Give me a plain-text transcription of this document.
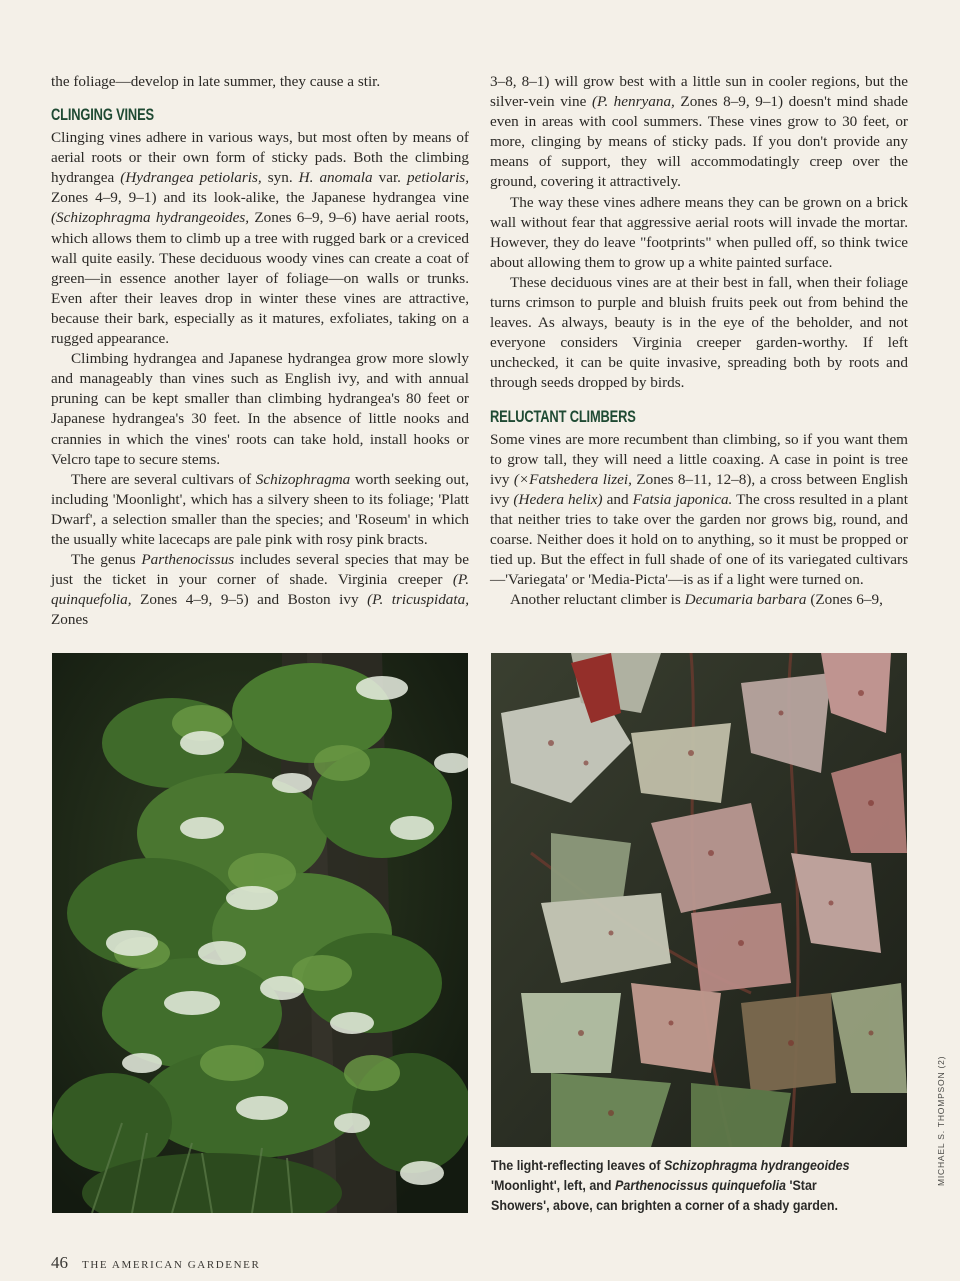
the foliage—develop in late summer, they cause a stir.

CLINGING VINES

Clinging vines adhere in various ways, but most often by means of aerial roots or their own form of sticky pads. Both the climbing hydrangea (Hydrangea petiolaris, syn. H. anomala var. petiolaris, Zones 4–9, 9–1) and its look-alike, the Japanese hydrangea vine (Schizophragma hydrangeoides, Zones 6–9, 9–6) have aerial roots, which allows them to climb up a tree with rugged bark or a creviced wall quite easily. These deciduous woody vines can create a coat of green—in essence another layer of foliage—on walls or trunks. Even after their leaves drop in winter these vines are attractive, because their bark, especially as it matures, exfoliates, taking on a rugged appearance.

Climbing hydrangea and Japanese hydrangea grow more slowly and manageably than vines such as English ivy, and with annual pruning can be kept smaller than climbing hydrangea's 80 feet or Japanese hydrangea's 30 feet. In the absence of little nooks and crannies in which the vines' roots can take hold, install hooks or Velcro tape to secure stems.

There are several cultivars of Schizophragma worth seeking out, including 'Moonlight', which has a silvery sheen to its foliage; 'Platt Dwarf', a selection smaller than the species; and 'Roseum' in which the usually white lacecaps are pale pink with rosy pink bracts.

The genus Parthenocissus includes several species that may be just the ticket in your corner of shade. Virginia creeper (P. quinquefolia, Zones 4–9, 9–5) and Boston ivy (P. tricuspidata, Zones

3–8, 8–1) will grow best with a little sun in cooler regions, but the silver-vein vine (P. henryana, Zones 8–9, 9–1) doesn't mind shade even in areas with cool summers. These vines grow to 30 feet, or more, clinging by means of sticky pads. If you don't provide any means of support, they will accommodatingly creep over the ground, covering it attractively.

The way these vines adhere means they can be grown on a brick wall without fear that aggressive aerial roots will invade the mortar. However, they do leave "footprints" when pulled off, so think twice about allowing them to grow up a white painted surface.

These deciduous vines are at their best in fall, when their foliage turns crimson to purple and bluish fruits peek out from behind the leaves. As always, beauty is in the eye of the beholder, and not everyone considers Virginia creeper garden-worthy. If left unchecked, it can be quite invasive, spreading both by roots and through seeds dropped by birds.

RELUCTANT CLIMBERS

Some vines are more recumbent than climbing, so if you want them to grow tall, they will need a little coaxing. A case in point is tree ivy (×Fatshedera lizei, Zones 8–11, 12–8), a cross between English ivy (Hedera helix) and Fatsia japonica. The cross resulted in a plant that neither tries to take over the garden nor grows big, round, and coarse. Neither does it hold on to anything, so it must be propped or tied up. But the effect in full shade of one of its variegated cultivars—'Variegata' or 'Media-Picta'—is as if a light were turned on.

Another reluctant climber is Decumaria barbara (Zones 6–9,

The light-reflecting leaves of Schizophragma hydrangeoides 'Moonlight', left, and Parthenocissus quinquefolia 'Star Showers', above, can brighten a corner of a shady garden.
MICHAEL S. THOMPSON (2)
46 THE AMERICAN GARDENER
